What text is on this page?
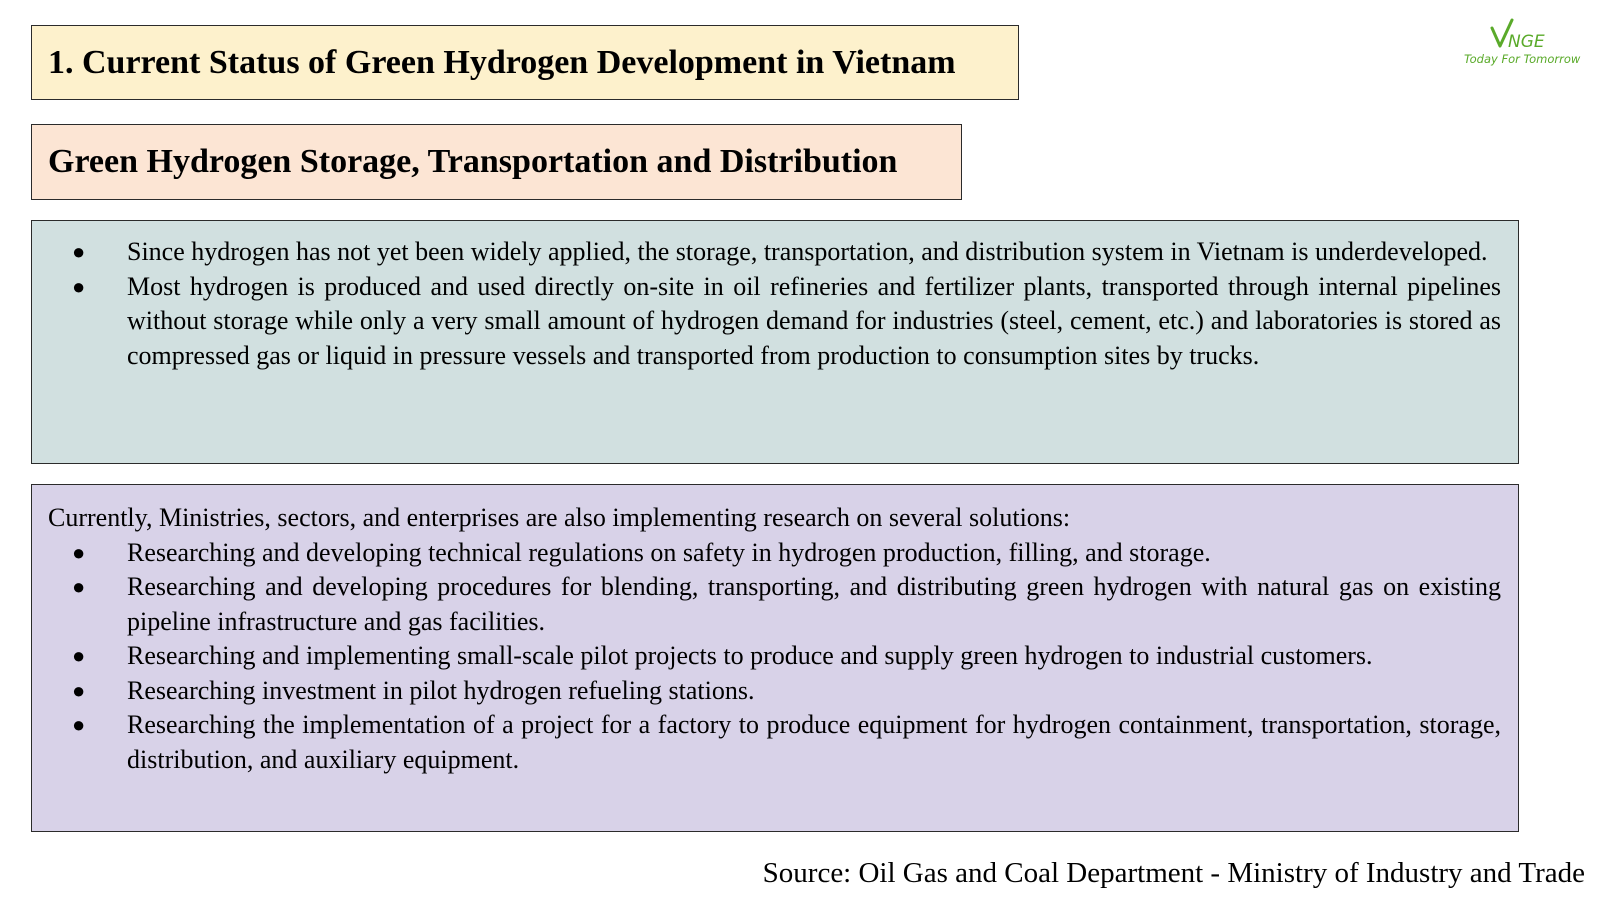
1. Current Status of Green Hydrogen Development in Vietnam
Green Hydrogen Storage, Transportation and Distribution
NGE
Today For Tomorrow
● Since hydrogen has not yet been widely applied, the storage, transportation, and distribution system in Vietnam is underdeveloped.
● Most hydrogen is produced and used directly on-site in oil refineries and fertilizer plants, transported through internal pipelines without storage while only a very small amount of hydrogen demand for industries (steel, cement, etc.) and laboratories is stored as compressed gas or liquid in pressure vessels and transported from production to consumption sites by trucks.

Currently, Ministries, sectors, and enterprises are also implementing research on several solutions:

● Researching and developing technical regulations on safety in hydrogen production, filling, and storage.
● Researching and developing procedures for blending, transporting, and distributing green hydrogen with natural gas on existing pipeline infrastructure and gas facilities.
● Researching and implementing small-scale pilot projects to produce and supply green hydrogen to industrial customers.
● Researching investment in pilot hydrogen refueling stations.
● Researching the implementation of a project for a factory to produce equipment for hydrogen containment, transportation, storage, distribution, and auxiliary equipment.
Source: Oil Gas and Coal Department - Ministry of Industry and Trade
